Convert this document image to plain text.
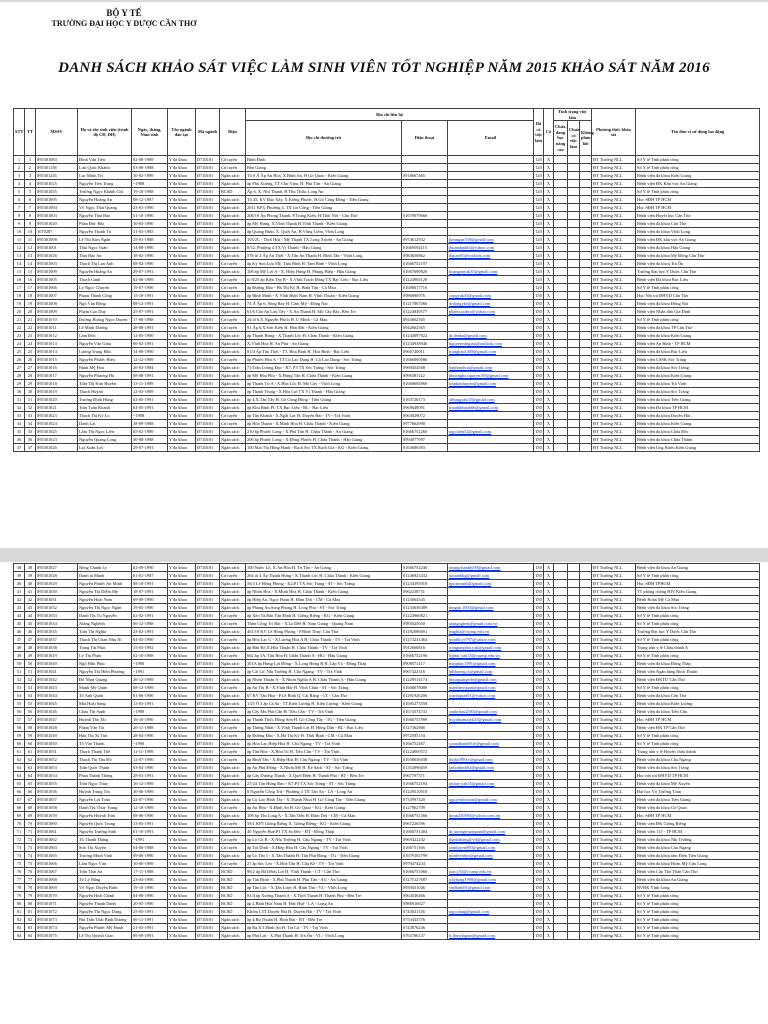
BỘ Y TẾ
TRƯỜNG ĐẠI HỌC Y DƯỢC CẦN THƠ
DANH SÁCH KHẢO SÁT VIỆC LÀM SINH VIÊN TỐT NGHIỆP NĂM 2015 KHẢO SÁT NĂM 2016
STT	TT	MSSV	Họ và tên sinh viên (trình độ CĐ, ĐH)	Ngày, tháng, Năm sinh	Tên ngành đào tạo	Mã ngành	Điện	Địa chỉ liên hệ			Đã có việc làm	Có	Tình trạng việc làm			Phương thức khảo sát	Tên đơn vị sử dụng lao động
								Địa chỉ thường trú	Điện thoại	Email			Chưa, đang học nâng cao	Chưa có việc làm	Không phản hồi		
1	1	095301083	Đinh Văn Tiến	02-08-1989	Y đa khoa	D720101	Cử tuyển	Bình Định			120	X				ĐT Trường NLL	Sở Y tế Tỉnh phân công
2	2	095301158	Lưu Quốc Khánh	03-08-1988	Y đa khoa	D720101	Cử tuyển	Bến Giang			120	X				ĐT Trường NLL	Sở Y tế Tỉnh phân công
3	3	095301245	Lục Minh Trí	10-02-1989	Y đa khoa	D720101	Ngân sách	Tổ 6 Ấ Ấp An Hòa, X Bình An, H Gò Quao - Kiên Giang	0918667465		120	X				ĐT Trường NLL	Bệnh viện đa khoa Kiên Giang
4	4	095301025	Nguyễn Tiến Trung	~1988	Y đa khoa	D720101	Ngân sách	ấp Phú Xương, TT Chợ Vàm, H. Phú Tân - An Giang			120	X				ĐT Trường NLL	Bệnh viện ĐK Khu vực An Giang
5	5	095301055	Trương Ngọc Khánh Chi	19-10-1988	Y đa khoa	D720101	BCSD	Ấp 6, X. Nhị Thạnh, H.Thủ Thừa, Long An			120	X				ĐT Trường NLL	Sở Y tế Tỉnh phân công
6	6	095301095	Nguyễn Hoàng An	08-12-1987	Y đa khoa	D720101	Ngân sách	Tổ 25, KV Đạo Xây, X.Kiểng Phước, H.Gò Công Đông - Tiền Giang			120	X				ĐT Trường NLL	Học SĐH TP HCM
7	7	095301094	Võ Ngọc Thái Quang	23-01-1990	Y đa khoa	D720101	Ngân sách	2011 KP3, Phường 4, TX Gò Công - Tiền Giang			120	X				ĐT Trường NLL	Học SĐH TP HCM
8	8	095301003	Nguyễn Thái Bảo	31-10-1990	Y đa khoa	D720101	Ngân sách	208/10 Ấp Phong Thạnh, P.Trung Kiên, H.Thốt Nốt - Cần Thơ	01679079666		120	X				ĐT Trường NLL	Bệnh viện Huyết học Cần Thơ
9	9	095301020	Phan Đức Hải	10-03-1990	Y đa khoa	D720101	Ngân sách	ấp Mỹ Hưng, X.Vĩnh Thạnh,H.Vĩnh Thạnh - Kiên Giang			120	X				ĐT Trường NLL	Bệnh viện đa khoa Cần Thơ
10	10	1079287	Nguyễn Thanh Tú	31-03-1985	Y đa khoa	D720101	Ngân sách	ấp Quang Bình, X. Quới An, H.Vũng Liêm, Vĩnh Long			120	X				ĐT Trường NLL	Bệnh viện đa khoa Vĩnh Long
11	11	095301098	Lê Thị Kim Ngân	25-01-1988	Y đa khoa	D720101	Ngân sách	103/2C - Thới Hòa - Mỹ Thạnh TX Long Xuyên - An Giang	0974612932	kimngan539@gmail.com	120	X				ĐT Trường NLL	Bệnh viện ĐK khu vực An Giang
12	12	095301001	Thái Ngọc Tuấn	14-08-1990	Y đa khoa	D720101	Ngân sách	8/52, Phường 4 TX Vị Thanh - Hậu Giang	01669594115	thuandanhhl@yahoo.com	120	X				ĐT Trường NLL	Bệnh viện đa khoa Hậu Giang
13	13	095301026	Thái Bảo An	18-02-1990	Y đa khoa	D720101	Ngân sách	578 tổ 2 Ấp An Thới - X.Tân An Thạnh H. Bình Tân - Vĩnh Long	0984656862	thaian91@outlook.com	120	X				ĐT Trường NLL	Bệnh viện đa khoa Mỹ Đồng Cần Thơ
14	14	095301003	Thạch Thị Lan Anh	08-02-1990	Y đa khoa	D720101	Cử tuyển	ấp Ký Son,Lưu Mỹ, Tam Bình H. Tam Bình - Vĩnh Long	01666752197		120	X				ĐT Trường NLL	Bệnh viện đa khoa Trà Ôn
15	15	095301009	Nguyễn Hoàng An	29-07-1991	Y đa khoa	D720101	Ngân sách	108 ấp Mỹ Lợi A - X. Hiệp Hưng H. Phụng Hiệp - Hậu Giang	01667699820	hoanganyak35@gmail.com	120	X				ĐT Trường NLL	Trường Đại học Y Dược Cần Thơ
16	16	095301005	Thạch Cảnh	02-06-1989	Y đa khoa	D720101	Cử tuyển	tổ 8/25 ấp Biên Tây B - X.Vĩnh Trạch Đông TX Bạc Liêu - Bạc Liêu	01224904120		120	X				ĐT Trường NLL	Bệnh viện Đa khoa Bạc Liêu
17	17	095301066	Lý Ngọc Chuyên	19-07-1990	Y đa khoa	D720101	Cử tuyển	ấp Đường Đào - Hà Thị Kỷ H. Bình Tân - Cà Mau	01688617716		120	X				ĐT Trường NLL	Sở Y tế Tỉnh phân công
18	18	095301007	Phạm Thành Công	15-10-1991	Y đa khoa	D720101	Ngân sách	ấp Bình Minh - X.Vĩnh Bình Nam H. Vĩnh Thuận - Kiên Giang	0986890976	congyak35@gmail.com	150	X				ĐT Trường NLL	Học Nội trú ĐHYD Cần Thơ
19	19	095301008	Ngô Văn Đông	08-12-1991	Y đa khoa	D720101	Ngân sách	74 Ấ Ấp 6, Sông Rạy H. Cẩm Mỹ - Đồng Nai	01217867066	drdungyke@gmail.com	150	X				ĐT Trường NLL	Bệnh viện đa khoa Đồng Nai
20	20	095301009	Phạm Cao Duy	25-07-1991	Y đa khoa	D720101	Ngân sách	61/6 Cầu An Lưu Tây - X.An Thạnh H. Mỏ Cày Bắc, Bến Tre	01224849577	phamcaoduy@yahoo.com	150	X				ĐT Trường NLL	Bệnh viện Nhân dân Gia Định
21	21	095301010	Dương Hoàng Ngọc Duyên	17-06-1988	Y đa khoa	D720101	Cử tuyển	24 tổ 6,X.Nguyễn Phích H. U Minh - Cà Mau	0943662565		150	X				ĐT Trường NLL	Sở Y tế Tỉnh phân công
22	22	095301011	Lê Minh Dương	28-08-1991	Y đa khoa	D720101	Cử tuyển	91 Ấp 6,X.Sơn Kiên H. Hòn Đất - Kiên Giang	0942662565		150	X				ĐT Trường NLL	Bệnh viện đa khoa TP Cần Thơ
23	23	095301012	Lâm Đức	12-05-1990	Y đa khoa	D720101	Ngân sách	ấp Thạnh Hưng - X.Thạnh Lộc H. Châu Thành - Kiên Giang	01243697922	dr.denka@gmail.com	150	X				ĐT Trường NLL	Bệnh viện đa khoa Kiên Giang
24	24	095301013	Nguyễn Văn Giàu	06-02-1991	Y đa khoa	D720101	Ngân sách	X.Vĩnh Hòa H. An Phú - An Giang	01234938946	nguyenvangiau@outlook.com	150	X				ĐT Trường NLL	Bệnh viện An Bình - TP HCM
25	25	095301014	Lương Trung Hậu	14-08-1990	Y đa khoa	D720101	Ngân sách	81/4 Ấp Tân Thới - TT. Hòa Bình H. Hòa Bình - Bạc Liêu	0966740011	trunghau1408@gmail.com	150	X				ĐT Trường NLL	Bệnh viện đa khoa Bạc Liêu
26	26	095301015	Nguyễn Phước Hiếu	12-12-1989	Y đa khoa	D720101	Cử tuyển	ấp Phước Hòa A - TT.Cù Lao Dung H. Cù Lao Dung - Sóc Trăng	01666069586		150	X				ĐT Trường NLL	Bệnh viện CSSK Sóc Trăng
27	27	095301016	Bành Mỹ Hoa	26-03-1984	Y đa khoa	D720101	Ngân sách	73 Trần Lương Đạo - K7, P3 TX Sóc Trăng - Sóc Trăng	0969454568	banhmyhoa@gmail.com	150	X				ĐT Trường NLL	Bệnh viện đa khoa Sóc Trăng
28	28	095301017	Nguyễn Phương Hà	08-08-1991	Y đa khoa	D720101	Ngân sách	ấp Mỹ Hòa Phú - X.Hưng Tân H. Châu Thành - Kiên Giang	0996381122	phuongha.nguyen.89@gmail.com	150	X				ĐT Trường NLL	Bệnh viện đa khoa Kiên Giang
29	29	095301018	Trần Thị Kim Huyền	13-11-1989	Y đa khoa	D720101	Ngân sách	ấp Thạnh Trị A - X.Hòa Lộc H. Mỏ Cày - Vĩnh Long	01668694960	trankimhuyen@gmail.com	150	X				ĐT Trường NLL	Bệnh viện đa khoa Trà Vinh
30	30	095301019	Thạch Huỳnh	12-03-1989	Y đa khoa	D720101	Cử tuyển	ấp Thạnh Trung - X.Hòa Lợi TX Vị Thanh - Hậu Giang			150	X				ĐT Trường NLL	Bệnh viện đa khoa Sóc Trăng
31	31	095301020	Trương Đình Hùng	02-05-1991	Y đa khoa	D720101	Ngân sách	ấp 4,X.Tân Tây H. Gò Công Đông - Tiền Giang	0163726173	tdhungyak35@gmail.com	150	X				ĐT Trường NLL	Bệnh viện đa khoa Tiền Giang
32	32	095301021	Trần Tuấn Khanh	04-05-1991	Y đa khoa	D720101	Ngân sách	ấp Khu Bình PI, TX Bạc Liêu - BL - Bạc Liêu	0968648091	trnanhkhanh66@gmail.com	150	X				ĐT Trường NLL	Bệnh viện Đa khoa TP HCM
33	33	095301023	Thạch Thị Kỳ Lo	~1988	Y đa khoa	D720101	Cử tuyển	ấp Tân Khánh - X.Ngãi Lạc H. Duyên Hải - TV - Trà Vinh	0963029072		150	X				ĐT Trường NLL	Bệnh viện đa khoa Duyên Hải
34	34	095301024	Danh Lai	18-09-1988	Y đa khoa	D720101	Cử tuyển	ấp Hòa Thạnh - X.Minh Hòa H. Châu Thành - Kiên Giang	0977662990		150	X				ĐT Trường NLL	Bệnh viện đa khoa Kiên Giang
35	35	095301025	Lâm Thị Ngọc Liên	05-02-1989	Y đa khoa	D720101	Ngân sách	210 ấp Phước Long - X.Phú Tân H. Châu Thành - An Giang	01666752260	ngoclien52@gmail.com	150	X				ĐT Trường NLL	Bệnh viện đa khoa Châu Đốc
36	36	095301023	Nguyễn Quang Long	30-08-1988	Y đa khoa	D720101	Ngân sách	206 ấp Phước Long - X.Đông Phước H. Châu Thành - Hậu Giang	0994077997		150	X				ĐT Trường NLL	Bệnh viện đa khoa Châu Thành
37	37	095301026	Lại Xuân Lợi	29-07-1991	Y đa khoa	D720101	Ngân sách	100 Mai Thị Hồng Hạnh - Rạch Sỏi TX Rạch Giá - KG - Kiên Giang	0163686583		150	X				ĐT Trường NLL	Bệnh viện Ung Bướu Kiên Giang
38	38	095301027	Nông Chanh Ly	02-09-1990	Y đa khoa	D720101	Ngân sách	100 Nước Lộ, X.An Hòa H. Tri Tôn - An Giang	01666752246	neangchanhly90@gmail.com	150	X				ĐT Trường NLL	Bệnh viện đa khoa An Giang
39	39	095301028	Danh út Mạnh	01-01-1987	Y đa khoa	D720101	Cử tuyển	264 tổ 4 Ấp Thạnh Hưng - X.Thạnh Lộc H. Châu Thành - Kiên Giang	01246923432	utmanhkg@gmail.com	150	X				ĐT Trường NLL	Sở Y tế Tỉnh phân công
40	40	095301029	Nguyễn Phước An Minh	08-10-1991	Y đa khoa	D720101	Ngân sách	56/3 Lê Hồng Phong - K2,P1 TX Sóc Trăng - ST - Sóc Trăng	01234395018	npcanminh@gmail.com	150	X				ĐT Trường NLL	Học SĐH TPHCM
41	41	095301030	Nguyễn Thị Diễm My	18-07-1991	Y đa khoa	D720101	Ngân sách	ấp Nhơn Hòa - X.Minh Hòa H. Châu Thành - Kiên Giang	0962238751		150	X				ĐT Trường NLL	TT phòng chống HIV Kiên Giang
42	42	095301031	Nguyễn Hoài Nam	09-09-1990	Y đa khoa	D720101	Ngân sách	ấp Hiệp An, Ngọc Hoàn H. Đầm Dơi - CM - Cà Mau	0123664545		150	X				ĐT Trường NLL	Bệnh Hoàn Mỹ Cà Mau
43	43	095301032	Nguyễn Thị Ngọc Ngân	19-05-1990	Y đa khoa	D720101	Ngân sách	ấp Phụng An,Song Phụng H. Long Phú - ST - Sóc Trăng	01233636389	ntngan.1003@gmail.com	150	X				ĐT Trường NLL	Bệnh viện đa khoa Sóc Trăng
44	44	095301033	Danh Thị Tú Nguyễn	02-02-1991	Y đa khoa	D720101	Cử tuyển	ấp Xẻo Tà,Bàn Tân Định H. Giồng Riềng - KG - Kiên Giang	01224966821		150	X				ĐT Trường NLL	Sở Y tế Tỉnh phân công
45	45	095301034	Alăng Nghênh	06-12-1988	Y đa khoa	D720101	Cử tuyển	Thôn Công Tri Bút - X.La Dêê H. Nam Giang - Quảng Nam	0985025650	alangnghen@gmail.com.vn	150	X				ĐT Trường NLL	Sở Y tế Tỉnh phân công
46	46	095301035	Trần Thị Nghĩa	23-02-1991	Y đa khoa	D720101	Ngân sách	461/18 KV Lê Hồng Phong - P.Bình Thủy, Cần Thơ	01292086691	ttnghia@ctump.edu.vn	150	X				ĐT Trường NLL	Trường Đại học Y Dược Cần Thơ
47	47	095301037	Thạch Thị Chan Nhu Nỉ	04-03-1990	Y đa khoa	D720101	Cử tuyển	ấp Hòa Lạc C - X.Lương Hòa A H. Châu Thành - TV - Trà Vinh	01273231464	minhlove797@yahoo.com	150	X				ĐT Trường NLL	Sở Y tế Tỉnh phân công
48	48	095301038	Trang Tất Phát	15-03-1992	Y đa khoa	D720101	Ngân sách	ấp Bằn Rô,X.Hòa Thuận H. Châu Thành - TV - Trà Vinh	0912666816	trangtanphat.yak@gmail.com	150	X				ĐT Trường NLL	Trung tâm y tế Châu thành A
49	49	095301019	Lý Thị Phấn	02-10-1988	Y đa khoa	D720101	Cử tuyển	662 ấp 3A, Tân Hòa H. Châu Thành A - HG - Hậu Giang	01666752196	ltphuc.yak35@ctump.edu.vn	150	X				ĐT Trường NLL	Sở Y tế Tỉnh phân công
50	50	095301040	Ngô Hữu Phúc	~1990	Y đa khoa	D720101	Ngân sách	301A ấp Hưng Lợi Đông - X.Long Hưng B H. Lấp Vò - Đồng Tháp	0908071417	huuphuc1991@gmail.com	150	X				ĐT Trường NLL	Bệnh viện đa khoa Đồng Tháp
51	51	095301041	Nguyễn Thị Hiền Phương	~1991	Y đa khoa	D720101	Ngân sách	ấp Cái Lớ, Nhị Trường H. Cầu Ngang - TV - Trà Vinh	0967422316	htbhuong.ts@gmail.com	150	X				ĐT Trường NLL	Bệnh viện Ngân hàng Bình Thuận
52	52	095301042	Đỗ Nhựt Quang	26-12-1989	Y đa khoa	D720101	Ngân sách	ấp Nhơn Thuận A - X.Nhơn Nghĩa A H. Châu Thành A - Hậu Giang	01229514174	nhutquangedn@gmail.com	150	X				ĐT Trường NLL	Bệnh viện ĐKTƯ Cần Thơ
53	53	095301043	Mạnh Mỹ Quân	08-12-1989	Y đa khoa	D720101	Cử tuyển	ấp An Thị B - X.Vĩnh Hải H. Vĩnh Châu - ST - Sóc Trăng	01668078088	manhmyquan@gmail.com	150	X				ĐT Trường NLL	Sở Y tế Tỉnh phân công
54	54	095301044	Tô Anh Quân	01-06-1990	Y đa khoa	D720101	Ngân sách	67 KV Tân Hòa - P.Lê Bình Q. Cái Răng - CT - Cần Thơ	01291926206	toanhquan91@yahoo.com	150	X				ĐT Trường NLL	Bệnh viện đa khoa Cần Thơ
55	55	095301045	Mai Hoài Sang	13-03-1991	Y đa khoa	D720101	Ngân sách	1/25 Ô 4 ấp Cả Sà - TT.Kiên Lương H. Kiên Lương - Kiên Giang	01695273558		150	X				ĐT Trường NLL	Bệnh viện đa khoa Kiên Lương
56	56	095301046	Châu Thị Sanh	~1990	Y đa khoa	D720101	Cử tuyển	ấp Cây Me,Phú Cần H. Tiểu Cần - TV - Trà Vinh	01674574741	sanhchau2503@gmail.com	150	X				ĐT Trường NLL	Bệnh viện đa khoa Tiểu Cần
57	57	095301047	Huỳnh Tấn Tài	16-10-1990	Y đa khoa	D720101	Ngân sách	ấp Thạnh Thới, Đông Sơn H. Gò Công Tây - TG - Tiền Giang	01666751999	huynhtantaiyk35@gmail.com	150	X				ĐT Trường NLL	Học SĐH TP HCM
58	58	095301048	Phạm Văn Tài	20-11-1988	Y đa khoa	D720101	Cử tuyển	ấp Thống Nhất - X.Vĩnh Thạnh Lợi H. Hồng Dân - BL - Bạc Liêu	0127362866		150	X				ĐT Trường NLL	Bệnh viện ĐK TP Cần Thơ
59	59	095301049	Hứa Thị Xi Tân	28-04-1990	Y đa khoa	D720101	Cử tuyển	ấp Đường Đào - X.Hà Thị Kỷ H. Thới Bình - CM - Cà Mau	0972585154		150	X				ĐT Trường NLL	Sở Y tế Tỉnh phân công
60	60	095301050	Tô Văn Thành	~1990	Y đa khoa	D720101	Ngân sách	ấp Hòa Lạc,Hiệp Hòa H. Cầu Ngang - TV - Trà Vinh	0166752467	sosanthanh91te@gmail.com	150	X				ĐT Trường NLL	Sở Y tế Tỉnh phân công
61	61	095301051	Thạch Thanh Thế	11-11-1989	Y đa khoa	D720101	Cử tuyển	ấp Tân Hòa - X.Hòa Tú H. Tiểu Cần - TV - Trà Vinh	01224069572		150	X				ĐT Trường NLL	Trung tâm y tế Huyện châu thành
62	62	095301052	Thạch Thị Thu Đô	12-07-1990	Y đa khoa	D720101	Cử tuyển	ấp Bình Tân - X.Hiệp Hòa H. Cầu Ngang - TV - Trà Vinh	01658636038	thida1990tv@gmail.com	150	X				ĐT Trường NLL	Bệnh viện đa khoa Cầu Ngang
63	63	095301053	Trần Quốc Thịnh	03-04-1990	Y đa khoa	D720101	Ngân sách	ấp An Phú Đông - X.Nhơn Mỹ H. Kế Sách - ST - Sóc Trăng	01352896659	taibothinh92@gmail.com	150	X				ĐT Trường NLL	Bệnh viện đa khoa Sóc Trăng
64	64	095301054	Phan Thành Thông	28-01-1991	Y đa khoa	D720101	Ngân sách	ấp Cây Dương Thạnh - X.Quới Điền H. Thạnh Phú - BT - Bến Tre	0967797371		150	X				ĐT Trường NLL	Học nội trú ĐHYD TP HCM
65	65	095301055	Trần Ngọc Thúy	16-12-1989	Y đa khoa	D720101	Ngân sách	27/24 Tôn Hưng Đạo - K7,P3 TX Sóc Trăng - ST - Sóc Trăng	01666752194	tnthuy.yak35@gmail.com	150	X				ĐT Trường NLL	Bệnh viện đa khoa Mỹ Xuyên
66	66	095301056	Huỳnh Trung Tín	30-06-1989	Y đa khoa	D720101	Cử tuyển	8 Nguyễn Công Trứ - Phường 3 TX Tân An - LA - Long An	01229510018		150	X				ĐT Trường NLL	Đại học Võ Trường Toản
67	67	095301057	Nguyễn Lợi Toàn	22-07-1990	Y đa khoa	D720101	Ngân sách	ấp Cù Lao Bình Tây - X.Thạnh Nhut H. Gò Công Tây - Tiền Giang	0733997420	nguyenloitoan@gmail.com	150	X				ĐT Trường NLL	Bệnh viện đa khoa Tiền Giang
68	68	095301058	Danh Thị Thúy Trang	12-10-1989	Y đa khoa	D720101	Cử tuyển	ấp An Hòa - X.Định An H. Gò Quao - KG - Kiên Giang	0127962709		150	X				ĐT Trường NLL	Bệnh viện đa khoa Gò Quao
69	69	095301059	Nguyễn Huỳnh Trân	08-06-1990	Y đa khoa	D720101	Ngân sách	109 ấp Tân Long A - X.Tân Tiến H. Đầm Dơi - CM - Cà Mau	01666751366	htran230593@yahoo.com.vn	150	X				ĐT Trường NLL	Học SĐH TP HCM
70	70	095301060	Nguyễn Quốc Trung	13-05-1991	Y đa khoa	D720101	Cử tuyển	58/1 KP5 Giồng Riềng X. Giồng Riềng - KG - Kiên Giang	0967226596		150	X				ĐT Trường NLL	Bệnh viện ĐK Giồng Riềng
71	71	095301061	Nguyễn Trường Sinh	01-10-1991	Y đa khoa	D720101	Ngân sách	40 Nguyễn Huệ,P1 TX Sa Đéc - ĐT - Đồng Tháp	01666751404	dr.truongtruongsan@gmail.com	150	X				ĐT Trường NLL	Bệnh viện 115 - TP HCM
72	72	095301062	Tô Thanh Thắng	~1991	Y đa khoa	D720101	Cử tuyển	ấp Lò Cù B - X.Nhị Trường H. Cầu Ngang - TV - Trà Vinh	0969422242	thanhthang@yd@gmail.com	150	X				ĐT Trường NLL	Bệnh viện đa khoa Nhị Trường
73	73	095301063	Sơn Thị Xuyến	04-06-1988	Y đa khoa	D720101	Cử tuyển	ấp Trà Dinh - X.Hiệp Hòa H. Cầu Ngang - TV - Trà Vinh	0166751166	sonthiyen890@gmail.com	150	X				ĐT Trường NLL	Bệnh viện đa khoa Cầu Ngang
74	74	095301065	Trương Minh Vinh	09-06-1990	Y đa khoa	D720101	Ngân sách	ấp Lò Tho I - X.Tân Thành H. Tân Phú Đông - TG - Tiền Giang	01679165799	minhvinhya@gmail.com	150	X				ĐT Trường NLL	Bệnh viện đa khoa tâm Điền Tiền Giang
75	75	095301066	Lâm Ngọc Vân	10-06-1989	Y đa khoa	D720101	Cử tuyển	27 ấp Sóc Lèo - X.Hòa Tân H. Cầu Kè - TV - Trà Vinh	0979474234		150	X				ĐT Trường NLL	Bệnh viện đa khoa Hoàn Mỹ Cửu Long
76	76	095301067	Trần Thái An	17-11-1988	Y đa khoa	D720101	BCSD	96/2 ấp Bã Dênh Lợi H. Vĩnh Thạnh - CT - Cần Thơ	01666751066	ttan.y35@ctump.edu.vn	150	X				ĐT Trường NLL	Bệnh viện Cần Thơ Thân Cần Thơ
77	77	095301068	Tô Lý Bằng	23-04-1990	Y đa khoa	D720101	BCSD	ấp Tân Định - X.Phú Thạnh H. Phú Tân - AG - An Giang	01275127687	tolybang1990@gmail.com	150	X				ĐT Trường NLL	Bệnh viện đa khoa An Giang
78	78	095301069	Võ Ngọc Duyên Bình	19-10-1990	Y đa khoa	D720101	BCSD	ấp Tân Lộc - X.Tân Lược H. Bình Tân - VL - Vĩnh Long	0939451046	vndbinh91@gmail.com	150	X				ĐT Trường NLL	BVĐK Vĩnh Long
79	79	095301070	Nguyễn Hoài Chinh	04-08-1990	Y đa khoa	D720101	BCSD	81/4 ấp Xương Thạnh A - X.Thới Thạnh H. Thạnh Phú - Bến Tre	0964536466		150	X				ĐT Trường NLL	Sở Y tế Tỉnh phân công
80	80	095301071	Nguyễn Thanh Danh	20-05-1990	Y đa khoa	D720101	BCSD	ấp 2,Bình Hòa Nam H. Đức Huệ - LA - Long An	0986916627		150	X				ĐT Trường NLL	Sở Y tế Tỉnh phân công
81	81	095301072	Nguyễn Thị Ngọc Dung	25-05-1991	Y đa khoa	D720101	BCSD	Khóm I,TT.Duyên Hải H. Duyên Hải - TV - Trà Vinh	0743021146	ngocdung@gmail.com	150	X				ĐT Trường NLL	Sở Y tế Tỉnh phân công
82	82	095301073	Bùi Trần Thái Bình Dương	06-11-1991	Y đa khoa	D720101	Ngân sách	ấp 4,Bù Thuận H. Bình Đại - BT - Bến Tre	0753433576		150	X				ĐT Trường NLL	Sở Y tế Tỉnh phân công
83	83	095301074	Nguyễn Phước Mỹ Hạnh	21-03-1991	Y đa khoa	D720101	Ngân sách	ấp Ra,X.T.Bình An H. Trà Cú - TV - Trà Vinh	0743876246		150	X				ĐT Trường NLL	Sở Y tế Tỉnh phân công
84	84	095301075	Lê Thị Quỳnh Giao	09-09-1991	Y đa khoa	D720101	Ngân sách	ấp Phú Lợi - X.Phú Thạnh H. Trà Ôn - VL - Vĩnh Long	0763786137	lt.lhuynhgiao@gmail.com	150	X				ĐT Trường NLL	Sở Y tế Tỉnh phân công
